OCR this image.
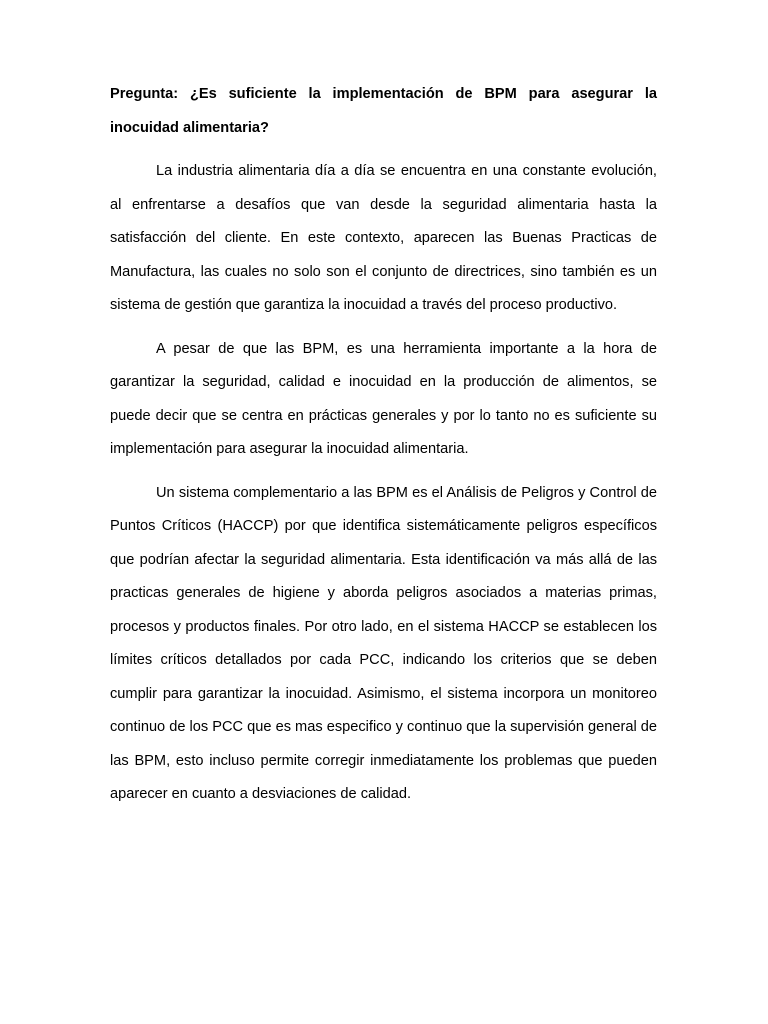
Pregunta: ¿Es suficiente la implementación de BPM para asegurar la inocuidad alimentaria?

La industria alimentaria día a día se encuentra en una constante evolución, al enfrentarse a desafíos que van desde la seguridad alimentaria hasta la satisfacción del cliente. En este contexto, aparecen las Buenas Practicas de Manufactura, las cuales no solo son el conjunto de directrices, sino también es un sistema de gestión que garantiza la inocuidad a través del proceso productivo.

A pesar de que las BPM, es una herramienta importante a la hora de garantizar la seguridad, calidad e inocuidad en la producción de alimentos, se puede decir que se centra en prácticas generales y por lo tanto no es suficiente su implementación para asegurar la inocuidad alimentaria.

Un sistema complementario a las BPM es el Análisis de Peligros y Control de Puntos Críticos (HACCP) por que identifica sistemáticamente peligros específicos que podrían afectar la seguridad alimentaria. Esta identificación va más allá de las practicas generales de higiene y aborda peligros asociados a materias primas, procesos y productos finales. Por otro lado, en el sistema HACCP se establecen los límites críticos detallados por cada PCC, indicando los criterios que se deben cumplir para garantizar la inocuidad. Asimismo, el sistema incorpora un monitoreo continuo de los PCC que es mas especifico y continuo que la supervisión general de las BPM, esto incluso permite corregir inmediatamente los problemas que pueden aparecer en cuanto a desviaciones de calidad.
